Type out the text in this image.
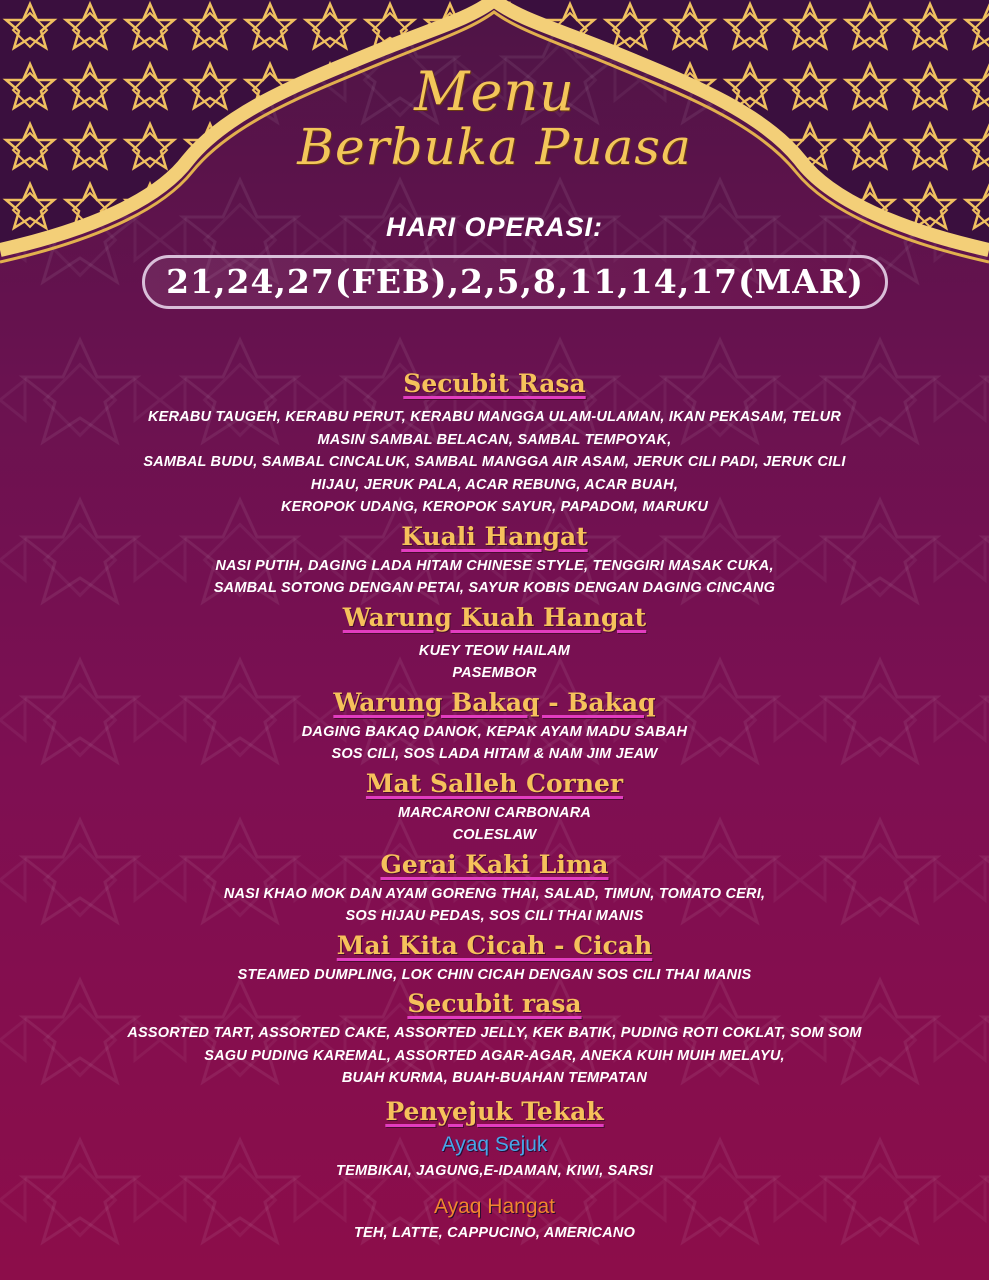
Menu
Berbuka Puasa
HARI OPERASI:
21,24,27(FEB),2,5,8,11,14,17(MAR)
Secubit Rasa
KERABU TAUGEH, KERABU PERUT, KERABU MANGGA ULAM-ULAMAN, IKAN PEKASAM, TELUR
MASIN SAMBAL BELACAN, SAMBAL TEMPOYAK,
SAMBAL BUDU, SAMBAL CINCALUK, SAMBAL MANGGA AIR ASAM, JERUK CILI PADI, JERUK CILI
HIJAU, JERUK PALA, ACAR REBUNG, ACAR BUAH,
KEROPOK UDANG, KEROPOK SAYUR, PAPADOM, MARUKU
Kuali Hangat
NASI PUTIH, DAGING LADA HITAM CHINESE STYLE, TENGGIRI MASAK CUKA,
SAMBAL SOTONG DENGAN PETAI, SAYUR KOBIS DENGAN DAGING CINCANG
Warung Kuah Hangat
KUEY TEOW HAILAM
PASEMBOR
Warung Bakaq - Bakaq
DAGING BAKAQ DANOK, KEPAK AYAM MADU SABAH
SOS CILI, SOS LADA HITAM & NAM JIM JEAW
Mat Salleh Corner
MARCARONI CARBONARA
COLESLAW
Gerai Kaki Lima
NASI KHAO MOK DAN AYAM GORENG THAI, SALAD, TIMUN, TOMATO CERI,
SOS HIJAU PEDAS, SOS CILI THAI MANIS
Mai Kita Cicah - Cicah
STEAMED DUMPLING, LOK CHIN CICAH DENGAN SOS CILI THAI MANIS
Secubit rasa
ASSORTED TART, ASSORTED CAKE, ASSORTED JELLY, KEK BATIK, PUDING ROTI COKLAT, SOM SOM
SAGU PUDING KAREMAL, ASSORTED AGAR-AGAR, ANEKA KUIH MUIH MELAYU,
BUAH KURMA, BUAH-BUAHAN TEMPATAN
Penyejuk Tekak
Ayaq Sejuk
TEMBIKAI, JAGUNG,E-IDAMAN, KIWI, SARSI
Ayaq Hangat
TEH, LATTE, CAPPUCINO, AMERICANO
